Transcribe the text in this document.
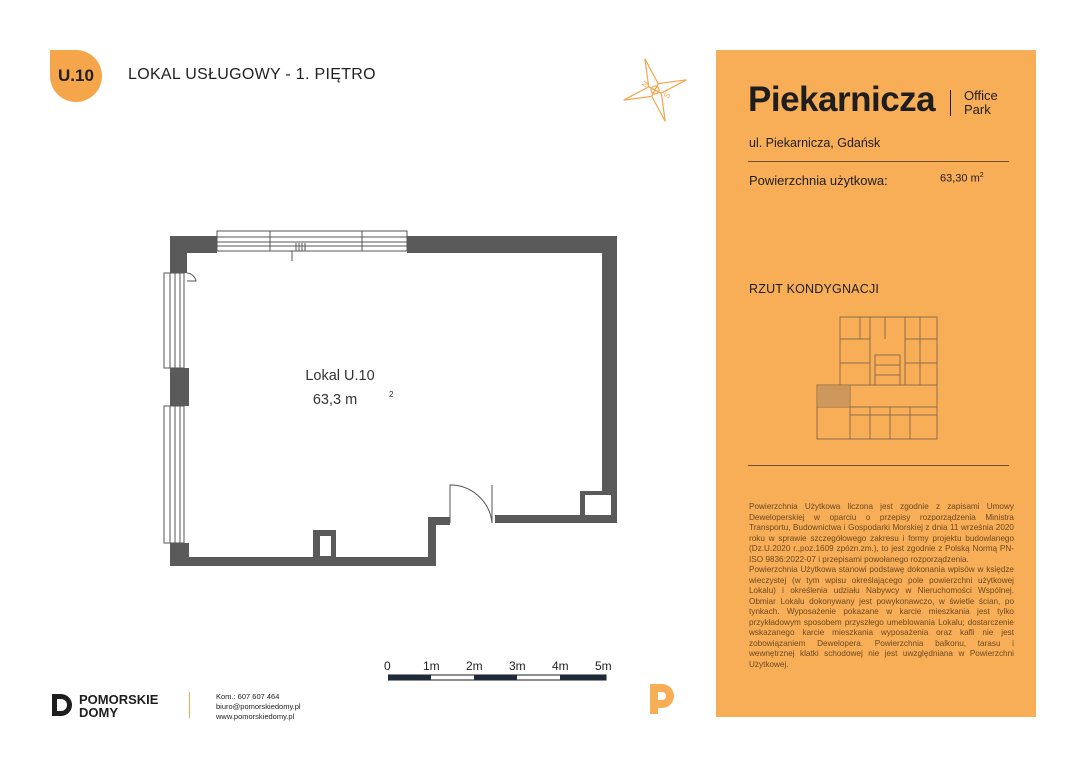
U.10 LOKAL USŁUGOWY - 1. PIĘTRO
N
S
Lokal U.10
63,3 m	2
0	1m 2m 3m 4m 5m
POMORSKIE
DOMY
Kom.: 607 607 464
biuro@pomorskiedomy.pl
www.pomorskiedomy.pl
Piekarnicza Office
Park
ul. Piekarnicza, Gdańsk
Powierzchnia użytkowa:	63,30 $m^2$
RZUT KONDYGNACJI

Powierzchnia Użytkowa liczona jest zgodnie z zapisami Umowy Deweloperskiej w oparciu o przepisy rozporządzenia Ministra Transportu, Budownictwa i Gospodarki Morskiej z dnia 11 września 2020 roku w sprawie szczegółowego zakresu i formy projektu budowlanego (Dz.U.2020 r.,poz.1609 zpózn.zm.), to jest zgodnie z Polską Normą PN-ISO 9836:2022-07 i przepisami powołanego rozporządzenia.

Powierzchnia Użytkowa stanowi podstawę dokonania wpisów w księdze wieczystej (w tym wpisu określającego pole powierzchni użytkowej Lokalu) i określenia udziału Nabywcy w Nieruchomości Wspólnej. Obmiar Lokalu dokonywany jest powykonawczo, w świetle ścian, po tynkach. Wyposażenie pokazane w karcie mieszkania jest tylko przykładowym sposobem przyszłego umeblowania Lokalu; dostarczenie wskazanego karcie mieszkania wyposażenia oraz kafli nie jest zobowiązaniem Dewelopera. Powierzchnia balkonu, tarasu i wewnętrznej klatki schodowej nie jest uwzględniana w Powierzchni Użytkowej.
